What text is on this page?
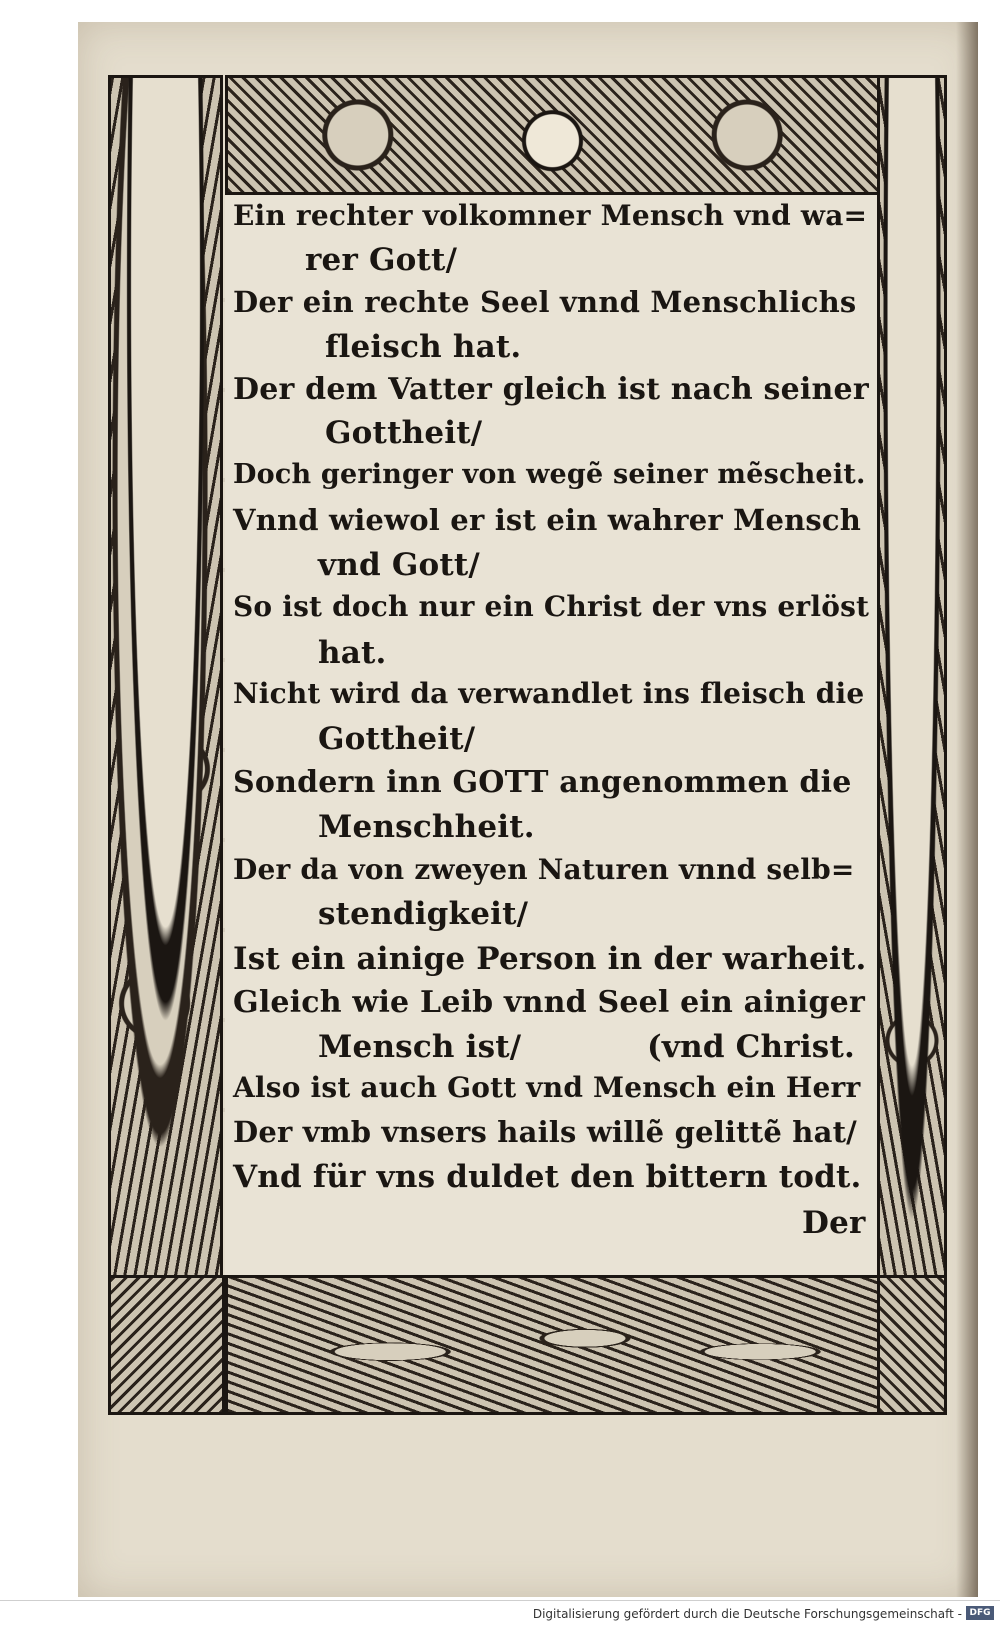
Ein rechter volkomner Mensch vnd wa=
rer Gott/
Der ein rechte Seel vnnd Menschlichs
fleisch hat.
Der dem Vatter gleich ist nach seiner
Gottheit/
Doch geringer von wegẽ seiner mẽscheit.
Vnnd wiewol er ist ein wahrer Mensch
vnd Gott/
So ist doch nur ein Christ der vns erlöst
hat.
Nicht wird da verwandlet ins fleisch die
Gottheit/
Sondern inn GOTT angenommen die
Menschheit.
Der da von zweyen Naturen vnnd selb=
stendigkeit/
Ist ein ainige Person in der warheit.
Gleich wie Leib vnnd Seel ein ainiger
Mensch ist/	(vnd Christ.
Also ist auch Gott vnd Mensch ein Herr
Der vmb vnsers hails willẽ gelittẽ hat/
Vnd für vns duldet den bittern todt.
Der
Digitalisierung gefördert durch die Deutsche Forschungsgemeinschaft - DFG
